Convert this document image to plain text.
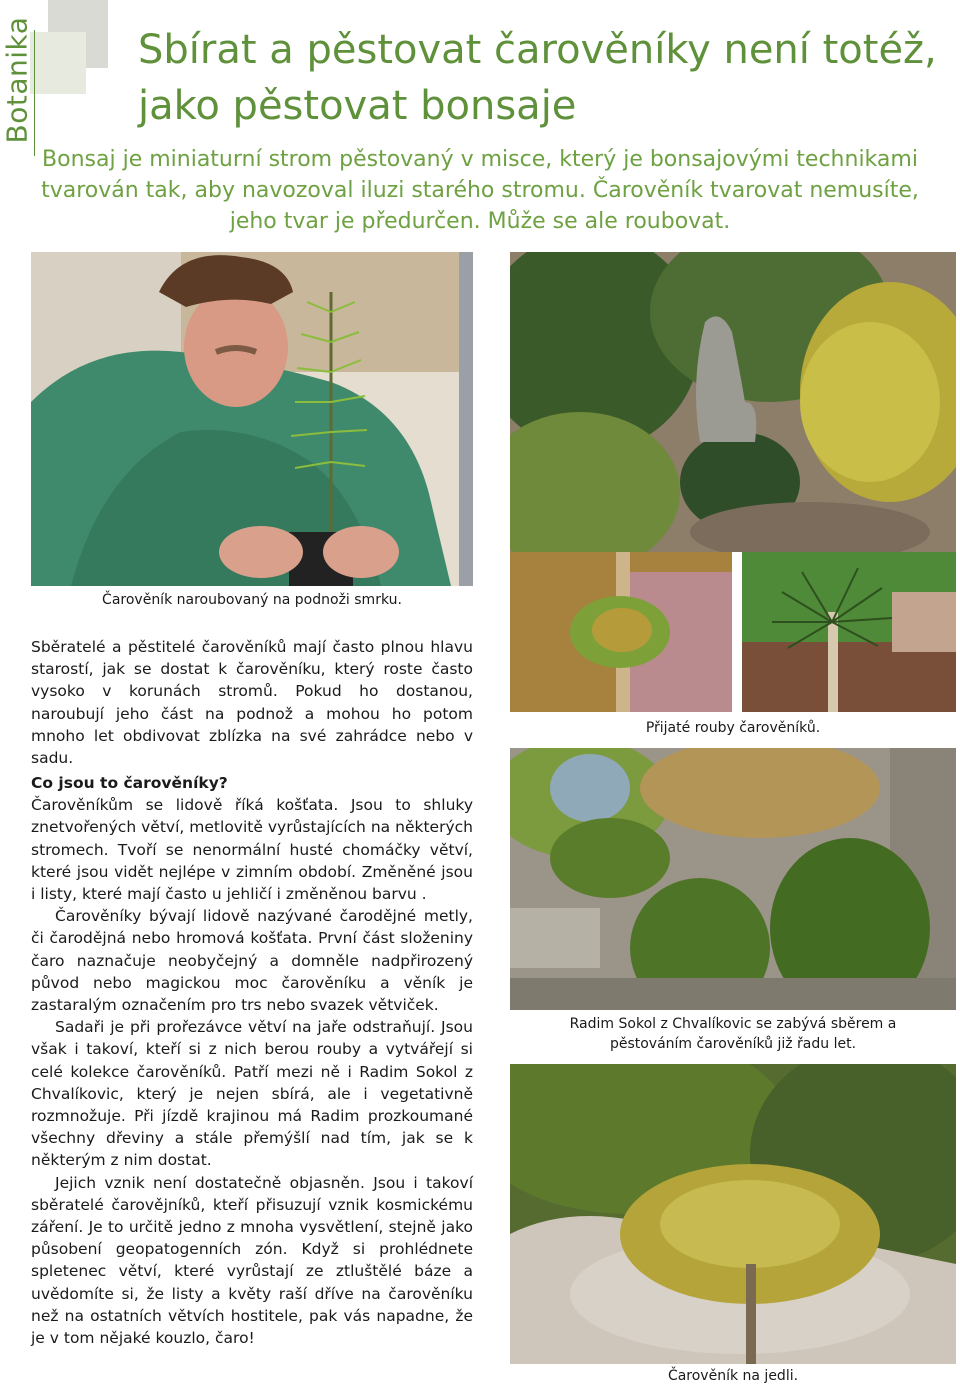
Botanika	Sbírat a pěstovat čarověníky není totéž, jako pěstovat bonsaje
Bonsaj je miniaturní strom pěstovaný v misce, který je bonsajovými technikami tvarován tak, aby navozoval iluzi starého stromu. Čarověník tvarovat nemusíte, jeho tvar je předurčen. Může se ale roubovat.
Čarověník naroubovaný na podnoži smrku.
Sběratelé a pěstitelé čarověníků mají často plnou hlavu starostí, jak se dostat k čarověníku, který roste často vysoko v korunách stromů. Pokud ho dostanou, naroubují jeho část na podnož a mohou ho potom mnoho let obdivovat zblízka na své zahrádce nebo v sadu.
Přijaté rouby čarověníků.

Co jsou to čarověníky?

Čarověníkům se lidově říká košťata. Jsou to shluky znetvořených větví, metlovitě vyrůstajících na některých stromech. Tvoří se nenormální husté chomáčky větví, které jsou vidět nejlépe v zimním období. Změněné jsou i listy, které mají často u jehličí i změněnou barvu .

Čarověníky bývají lidově nazývané čarodějné metly, či čarodějná nebo hromová košťata. První část složeniny čaro naznačuje neobyčejný a domněle nadpřirozený původ nebo magickou moc čarověníku a věník je zastaralým označením pro trs nebo svazek větviček.

Sadaři je při prořezávce větví na jaře odstraňují. Jsou však i takoví, kteří si z nich berou rouby a vytvářejí si celé kolekce čarověníků. Patří mezi ně i Radim Sokol z Chvalíkovic, který je nejen sbírá, ale i vegetativně rozmnožuje. Při jízdě krajinou má Radim prozkoumané všechny dřeviny a stále přemýšlí nad tím, jak se k některým z nim dostat.

Jejich vznik není dostatečně objasněn. Jsou i takoví sběratelé čarovějníků, kteří přisuzují vznik kosmickému záření. Je to určitě jedno z mnoha vysvětlení, stejně jako působení geopatogenních zón. Když si prohlédnete spletenec větví, které vyrůstají ze ztluštělé báze a uvědomíte si, že listy a květy raší dříve na čarověníku než na ostatních větvích hostitele, pak vás napadne, že je v tom nějaké kouzlo, čaro!

Radim Sokol z Chvalíkovic se zabývá sběrem a pěstováním čarověníků již řadu let.
Čarověník na jedli.
